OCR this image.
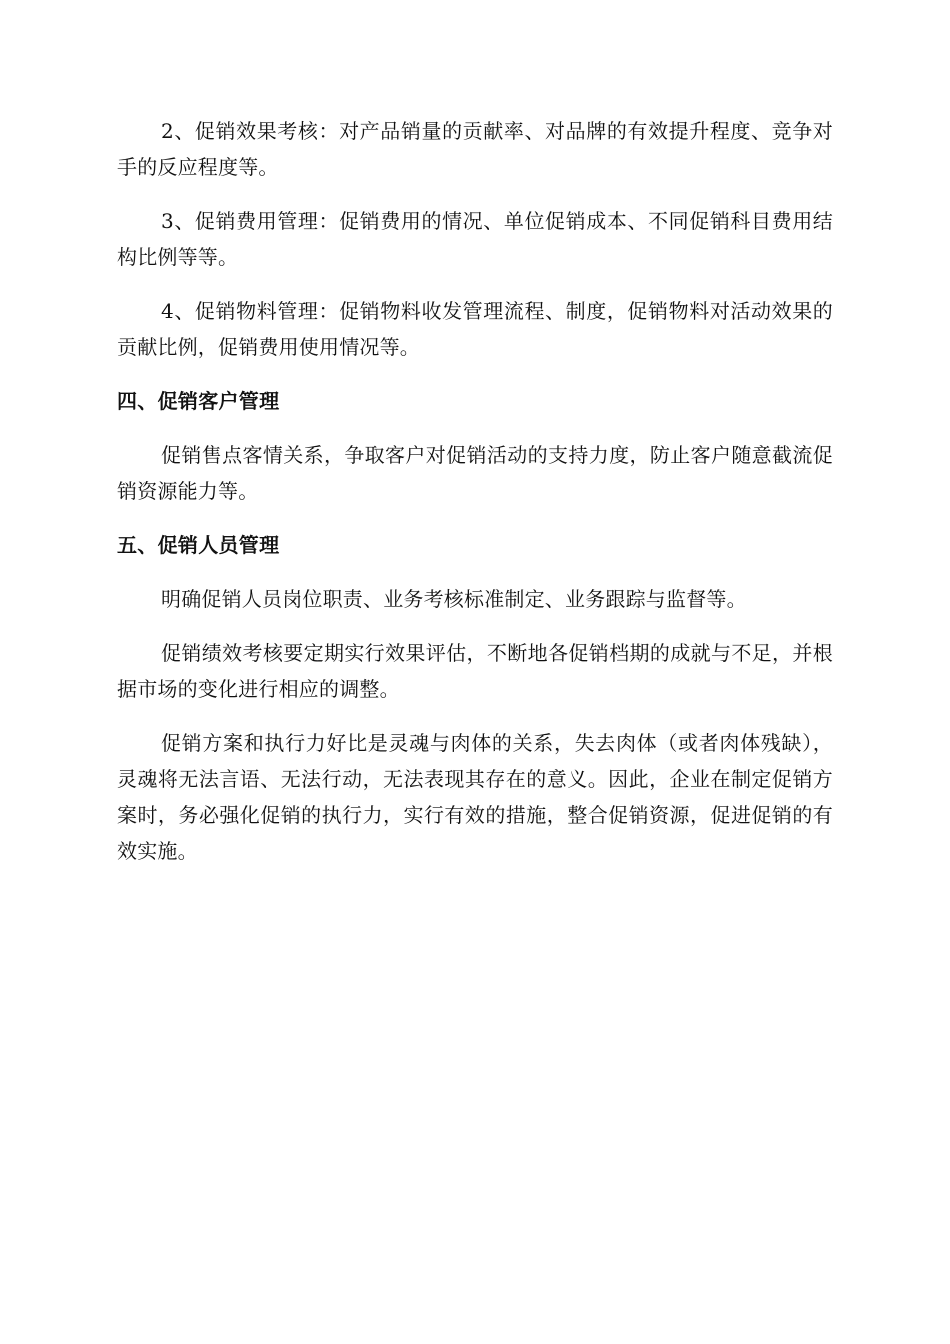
2、促销效果考核：对产品销量的贡献率、对品牌的有效提升程度、竞争对手的反应程度等。

3、促销费用管理：促销费用的情况、单位促销成本、不同促销科目费用结构比例等等。

4、促销物料管理：促销物料收发管理流程、制度，促销物料对活动效果的贡献比例，促销费用使用情况等。

四、促销客户管理

促销售点客情关系，争取客户对促销活动的支持力度，防止客户随意截流促销资源能力等。

五、促销人员管理

明确促销人员岗位职责、业务考核标准制定、业务跟踪与监督等。

促销绩效考核要定期实行效果评估，不断地各促销档期的成就与不足，并根据市场的变化进行相应的调整。

促销方案和执行力好比是灵魂与肉体的关系，失去肉体（或者肉体残缺），灵魂将无法言语、无法行动，无法表现其存在的意义。因此，企业在制定促销方案时，务必强化促销的执行力，实行有效的措施，整合促销资源，促进促销的有效实施。
